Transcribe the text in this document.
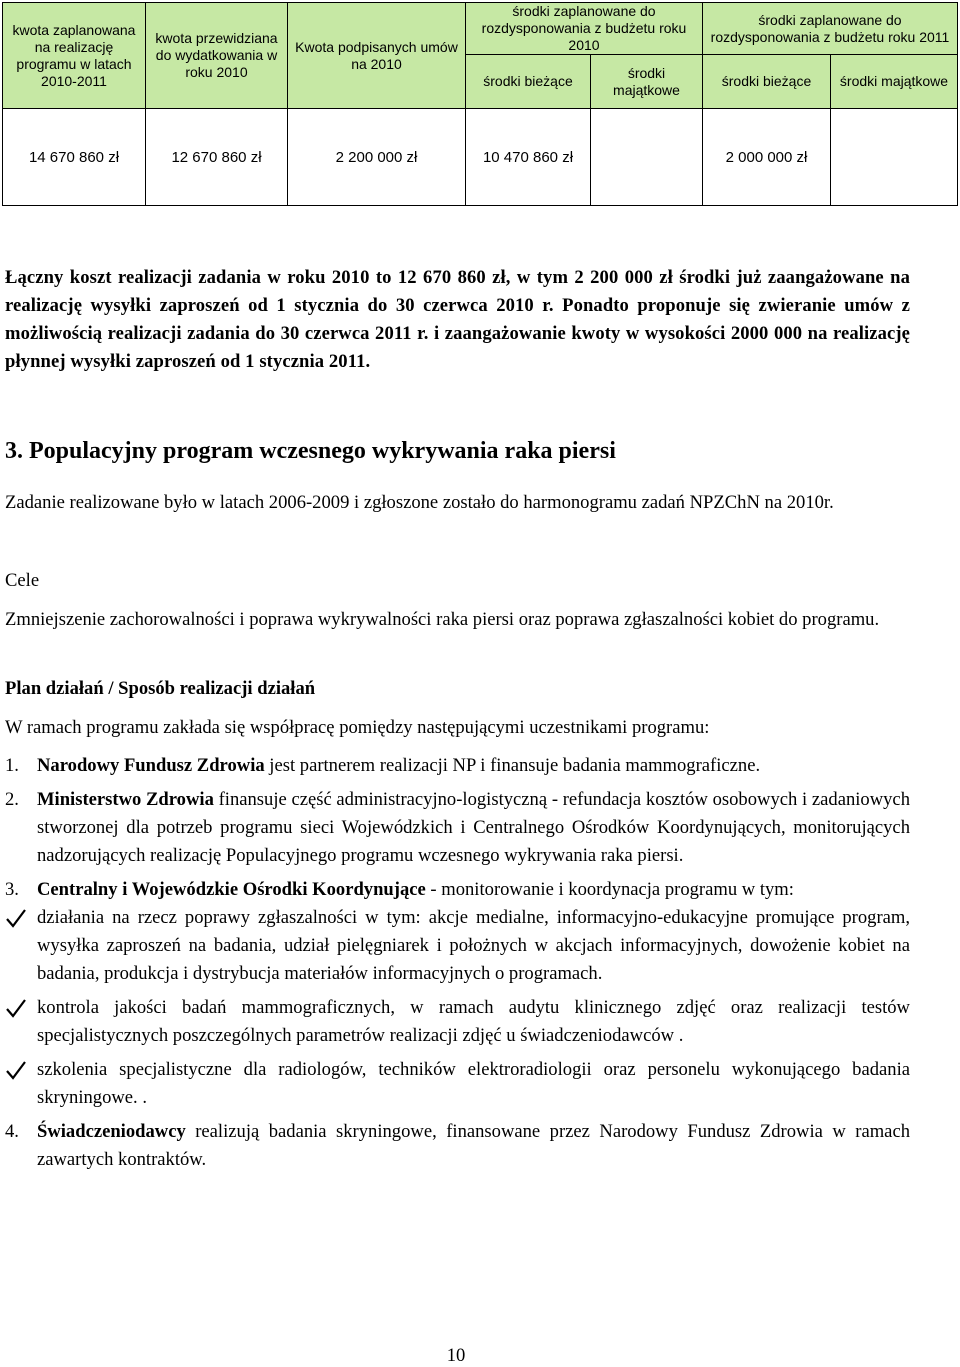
kwota zaplanowana na realizację programu w latach 2010-2011	kwota przewidziana do wydatkowania w roku 2010	Kwota podpisanych umów na 2010	środki zaplanowane do rozdysponowania z budżetu roku 2010		środki zaplanowane do rozdysponowania z budżetu roku 2011	
			środki bieżące	środki majątkowe	środki bieżące	środki majątkowe
14 670 860 zł	12 670 860 zł	2 200 000 zł	10 470 860 zł		2 000 000 zł	

Łączny koszt realizacji zadania w roku 2010 to 12 670 860 zł, w tym 2 200 000 zł środki już zaangażowane na realizację wysyłki zaproszeń od 1 stycznia do 30 czerwca 2010 r. Ponadto proponuje się zwieranie umów z możliwością realizacji zadania do 30 czerwca 2011 r. i zaangażowanie kwoty w wysokości 2000 000 na realizację płynnej wysyłki zaproszeń od 1 stycznia 2011.

3. Populacyjny program wczesnego wykrywania raka piersi

Zadanie realizowane było w latach 2006-2009 i zgłoszone zostało do harmonogramu zadań NPZChN na 2010r.

Cele

Zmniejszenie zachorowalności i poprawa wykrywalności raka piersi oraz poprawa zgłaszalności kobiet do programu.

Plan działań / Sposób realizacji działań

W ramach programu zakłada się współpracę pomiędzy następującymi uczestnikami programu:

1. Narodowy Fundusz Zdrowia jest partnerem realizacji NP i finansuje badania mammograficzne.
2. Ministerstwo Zdrowia finansuje część administracyjno-logistyczną - refundacja kosztów osobowych i zadaniowych stworzonej dla potrzeb programu sieci Wojewódzkich i Centralnego Ośrodków Koordynujących, monitorujących nadzorujących realizację Populacyjnego programu wczesnego wykrywania raka piersi.
3. Centralny i Wojewódzkie Ośrodki Koordynujące - monitorowanie i koordynacja programu w tym:
działania na rzecz poprawy zgłaszalności w tym: akcje medialne, informacyjno-edukacyjne promujące program, wysyłka zaproszeń na badania, udział pielęgniarek i położnych w akcjach informacyjnych, dowożenie kobiet na badania, produkcja i dystrybucja materiałów informacyjnych o programach.
kontrola jakości badań mammograficznych, w ramach audytu klinicznego zdjęć oraz realizacji testów specjalistycznych poszczególnych parametrów realizacji zdjęć u świadczeniodawców .
szkolenia specjalistyczne dla radiologów, techników elektroradiologii oraz personelu wykonującego badania skryningowe. .
4. Świadczeniodawcy realizują badania skryningowe, finansowane przez Narodowy Fundusz Zdrowia w ramach zawartych kontraktów.
10
